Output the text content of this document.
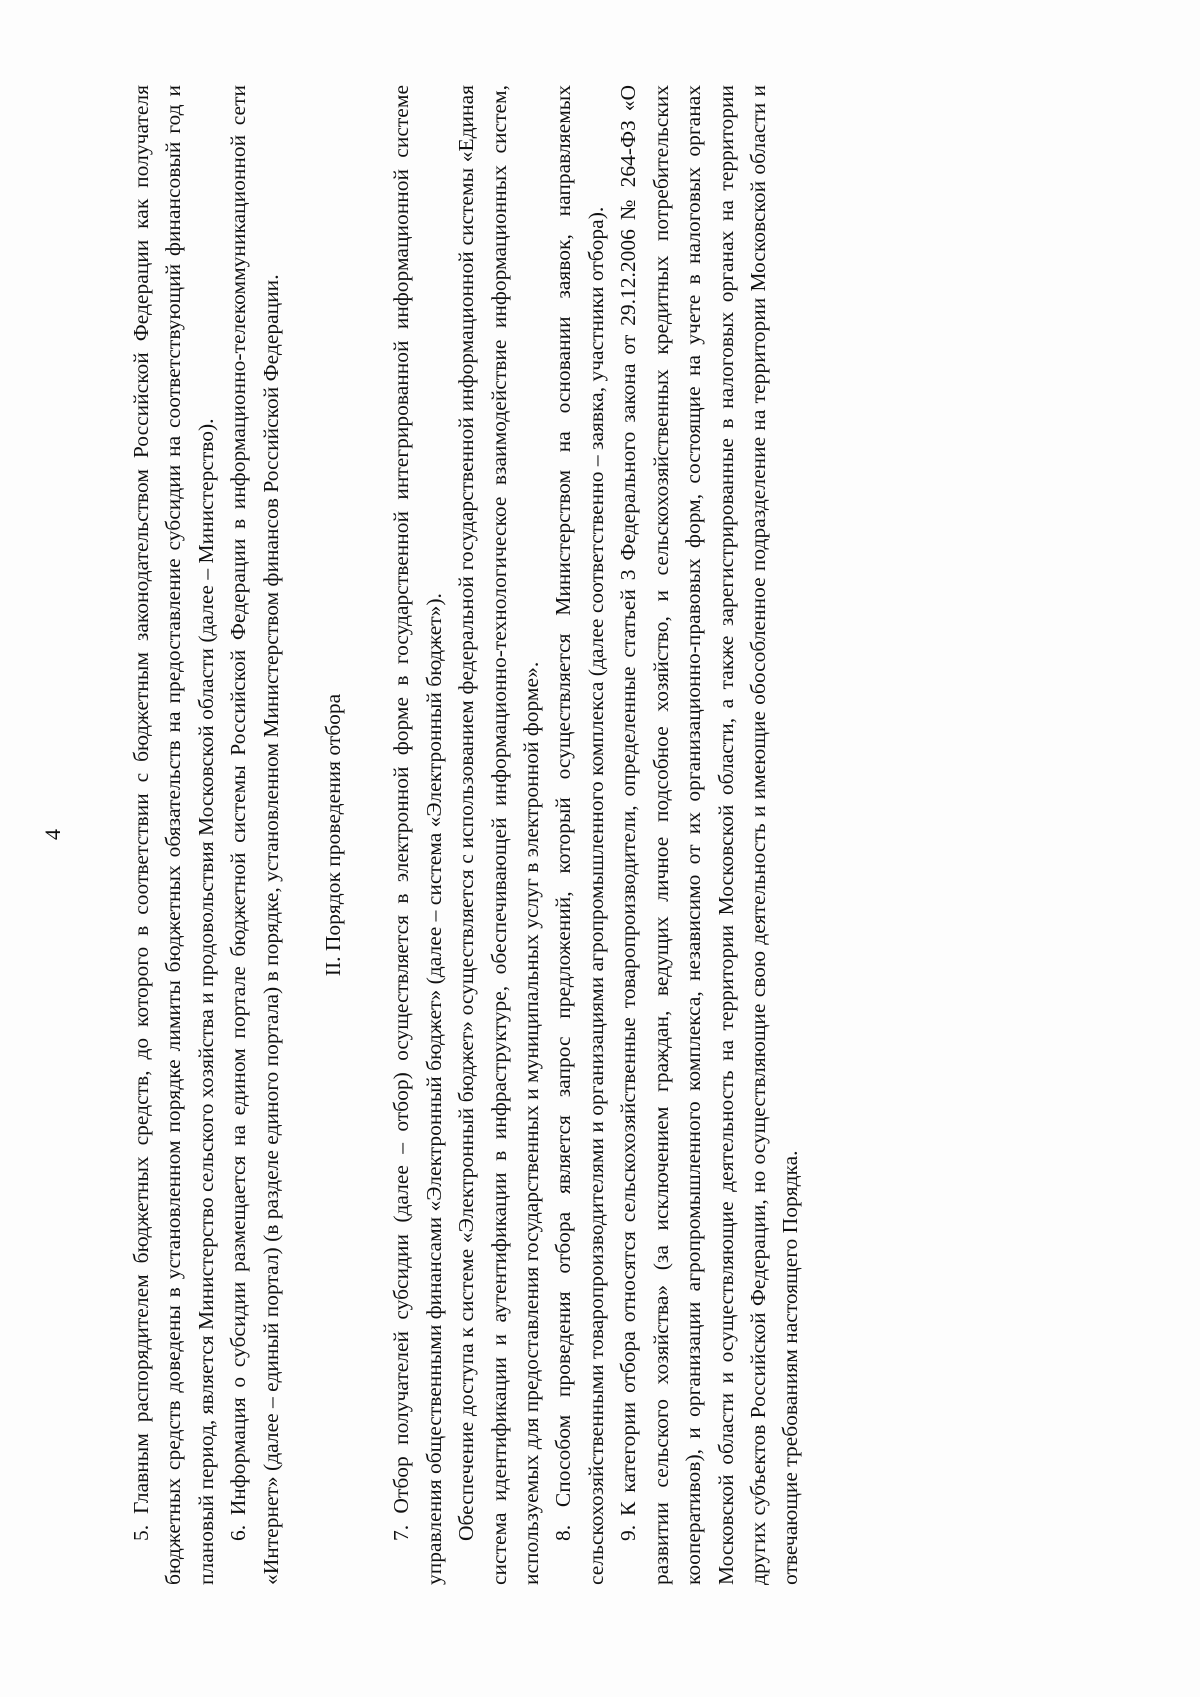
4	5. Главным распорядителем бюджетных средств, до которого в соответствии с бюджетным законодательством Российской Федерации как получателя бюджетных средств доведены в установленном порядке лимиты бюджетных обязательств на предоставление субсидии на соответствующий финансовый год и плановый период, является Министерство сельского хозяйства и продовольствия Московской области (далее – Министерство). 6. Информация о субсидии размещается на едином портале бюджетной системы Российской Федерации в информационно-телекоммуникационной сети «Интернет» (далее – единый портал) (в разделе единого портала) в порядке, установленном Министерством финансов Российской Федерации. II. Порядок проведения отбора 7. Отбор получателей субсидии (далее – отбор) осуществляется в электронной форме в государственной интегрированной информационной системе управления общественными финансами «Электронный бюджет» (далее – система «Электронный бюджет»). Обеспечение доступа к системе «Электронный бюджет» осуществляется с использованием федеральной государственной информационной системы «Единая система идентификации и аутентификации в инфраструктуре, обеспечивающей информационно-технологическое взаимодействие информационных систем, используемых для предоставления государственных и муниципальных услуг в электронной форме». 8. Способом проведения отбора является запрос предложений, который осуществляется Министерством на основании заявок, направляемых сельскохозяйственными товаропроизводителями и организациями агропромышленного комплекса (далее соответственно – заявка, участники отбора). 9. К категории отбора относятся сельскохозяйственные товаропроизводители, определенные статьей 3 Федерального закона от 29.12.2006 № 264-ФЗ «О развитии сельского хозяйства» (за исключением граждан, ведущих личное подсобное хозяйство, и сельскохозяйственных кредитных потребительских кооперативов), и организации агропромышленного комплекса, независимо от их организационно-правовых форм, состоящие на учете в налоговых органах Московской области и осуществляющие деятельность на территории Московской области, а также зарегистрированные в налоговых органах на территории других субъектов Российской Федерации, но осуществляющие свою деятельность и имеющие обособленное подразделение на территории Московской области и отвечающие требованиям настоящего Порядка.
